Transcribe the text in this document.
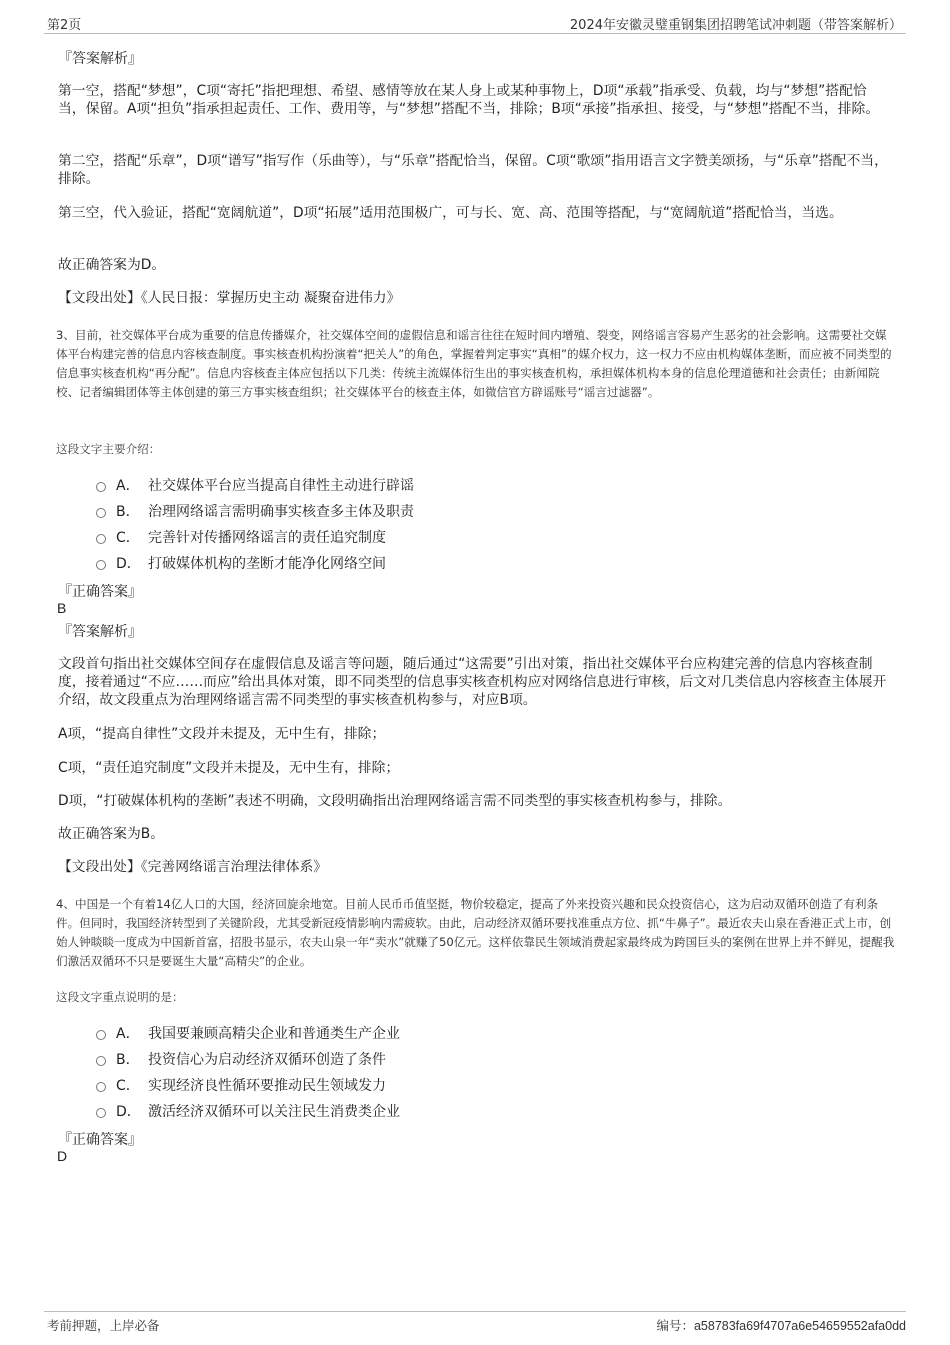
第2页	2024年安徽灵璧重钢集团招聘笔试冲刺题（带答案解析）
『答案解析』

第一空，搭配“梦想”，C项“寄托”指把理想、希望、感情等放在某人身上或某种事物上，D项“承载”指承受、负载，均与“梦想”搭配恰当，保留。A项“担负”指承担起责任、工作、费用等，与“梦想”搭配不当，排除；B项“承接”指承担、接受，与“梦想”搭配不当，排除。

第二空，搭配“乐章”，D项“谱写”指写作（乐曲等），与“乐章”搭配恰当，保留。C项“歌颂”指用语言文字赞美颂扬，与“乐章”搭配不当，排除。

第三空，代入验证，搭配“宽阔航道”，D项“拓展”适用范围极广，可与长、宽、高、范围等搭配，与“宽阔航道”搭配恰当，当选。

故正确答案为D。

【文段出处】《人民日报：掌握历史主动 凝聚奋进伟力》

3、目前，社交媒体平台成为重要的信息传播媒介，社交媒体空间的虚假信息和谣言往往在短时间内增殖、裂变，网络谣言容易产生恶劣的社会影响。这需要社交媒体平台构建完善的信息内容核查制度。事实核查机构扮演着“把关人”的角色，掌握着判定事实“真相”的媒介权力，这一权力不应由机构媒体垄断，而应被不同类型的信息事实核查机构“再分配”。信息内容核查主体应包括以下几类：传统主流媒体衍生出的事实核查机构，承担媒体机构本身的信息伦理道德和社会责任；由新闻院校、记者编辑团体等主体创建的第三方事实核查组织；社交媒体平台的核查主体，如微信官方辟谣账号“谣言过滤器”。

这段文字主要介绍：

A． 社交媒体平台应当提高自律性主动进行辟谣
B． 治理网络谣言需明确事实核查多主体及职责
C． 完善针对传播网络谣言的责任追究制度
D． 打破媒体机构的垄断才能净化网络空间
『正确答案』
B
『答案解析』

文段首句指出社交媒体空间存在虚假信息及谣言等问题，随后通过“这需要”引出对策，指出社交媒体平台应构建完善的信息内容核查制度，接着通过“不应……而应”给出具体对策，即不同类型的信息事实核查机构应对网络信息进行审核，后文对几类信息内容核查主体展开介绍，故文段重点为治理网络谣言需不同类型的事实核查机构参与，对应B项。

A项，“提高自律性”文段并未提及，无中生有，排除；

C项，“责任追究制度”文段并未提及，无中生有，排除；

D项，“打破媒体机构的垄断”表述不明确，文段明确指出治理网络谣言需不同类型的事实核查机构参与，排除。

故正确答案为B。

【文段出处】《完善网络谣言治理法律体系》

4、中国是一个有着14亿人口的大国，经济回旋余地宽。目前人民币币值坚挺，物价较稳定，提高了外来投资兴趣和民众投资信心，这为启动双循环创造了有利条件。但同时，我国经济转型到了关键阶段，尤其受新冠疫情影响内需疲软。由此，启动经济双循环要找准重点方位、抓“牛鼻子”。最近农夫山泉在香港正式上市，创始人钟睒睒一度成为中国新首富，招股书显示，农夫山泉一年“卖水”就赚了50亿元。这样依靠民生领域消费起家最终成为跨国巨头的案例在世界上并不鲜见，提醒我们激活双循环不只是要诞生大量“高精尖”的企业。

这段文字重点说明的是：

A． 我国要兼顾高精尖企业和普通类生产企业
B． 投资信心为启动经济双循环创造了条件
C． 实现经济良性循环要推动民生领域发力
D． 激活经济双循环可以关注民生消费类企业
『正确答案』
D
考前押题，上岸必备	编号：a58783fa69f4707a6e54659552afa0dd
